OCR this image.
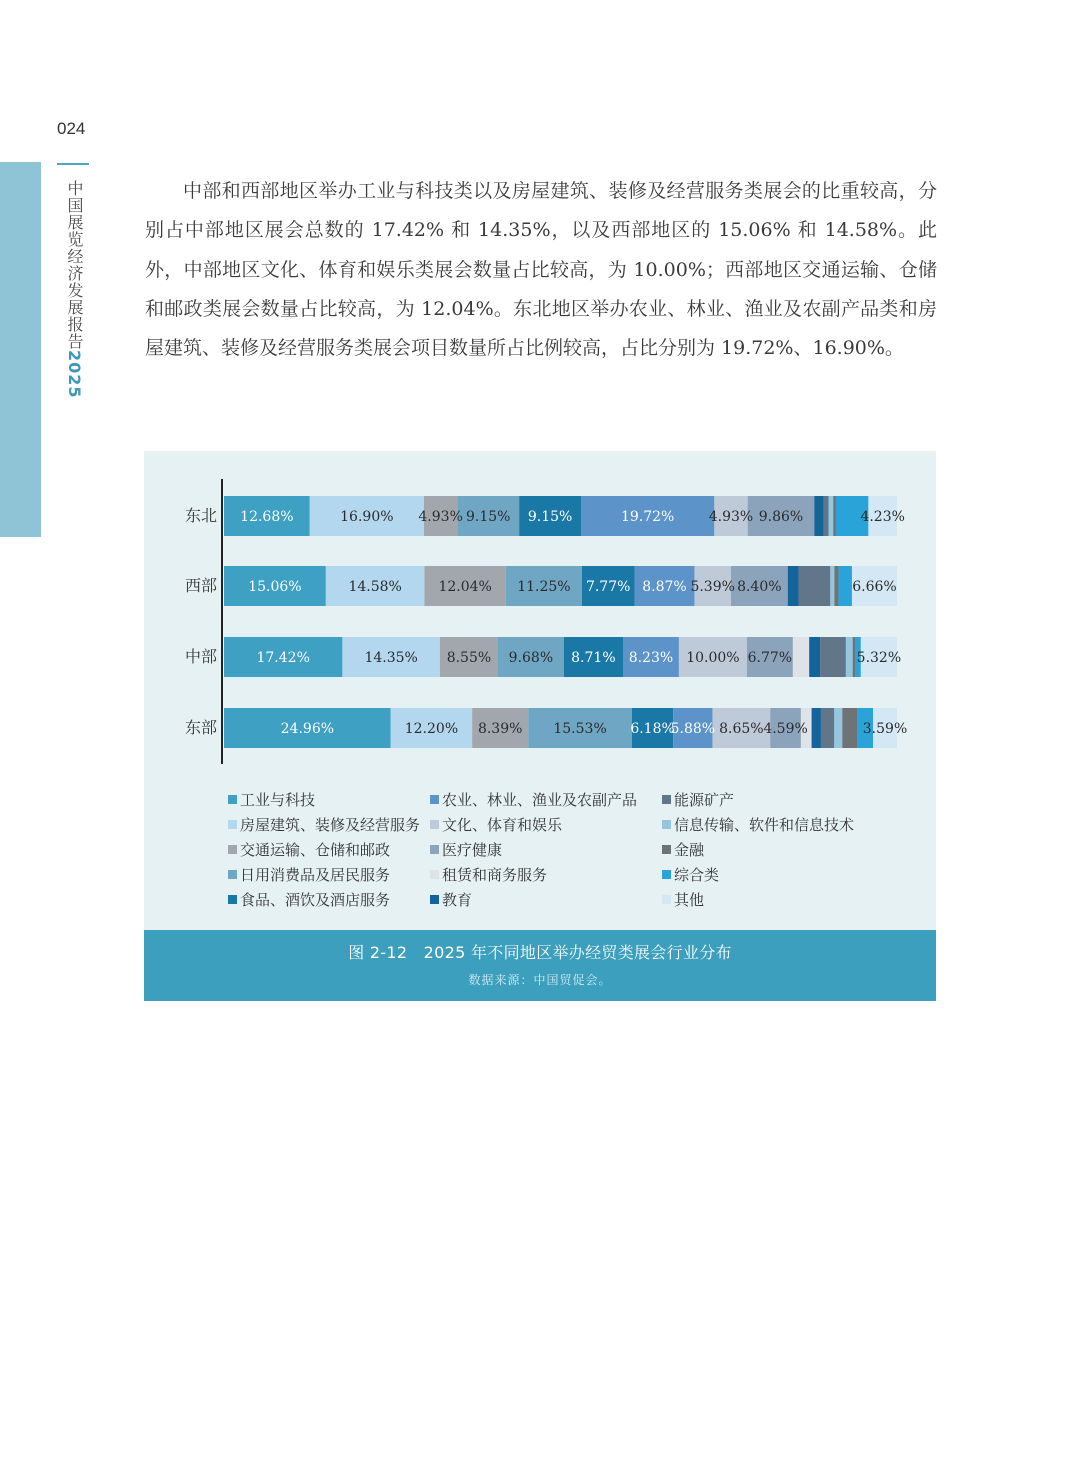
024
中国展览经济发展报告2025

中部和西部地区举办工业与科技类以及房屋建筑、装修及经营服务类展会的比重较高，分别占中部地区展会总数的 17.42% 和 14.35%，以及西部地区的 15.06% 和 14.58%。此外，中部地区文化、体育和娱乐类展会数量占比较高，为 10.00%；西部地区交通运输、仓储和邮政类展会数量占比较高，为 12.04%。东北地区举办农业、林业、渔业及农副产品类和房屋建筑、装修及经营服务类展会项目数量所占比例较高，占比分别为 19.72%、16.90%。

东北 12.68%	16.90% 4.93% 9.15% 9.15%	19.72% 4.93% 9.86%	4.23%
西部 15.06%	14.58%	12.04% 11.25% 7.77% 8.87% 5.39% 8.40%	6.66%
中部	17.42%	14.35% 8.55% 9.68% 8.71% 8.23% 10.00% 6.77%	5.32%
东部	24.96%	12.20% 8.39% 15.53% 6.18%
5.88% 8.65% 4.59%	3.59%
工业与科技	农业、林业、渔业及农副产品 能源矿产
房屋建筑、装修及经营服务 文化、体育和娱乐	信息传输、软件和信息技术
交通运输、仓储和邮政	医疗健康	金融
日用消费品及居民服务	租赁和商务服务	综合类
食品、酒饮及酒店服务	教育	其他
图 2-12　2025 年不同地区举办经贸类展会行业分布
数据来源：中国贸促会。
